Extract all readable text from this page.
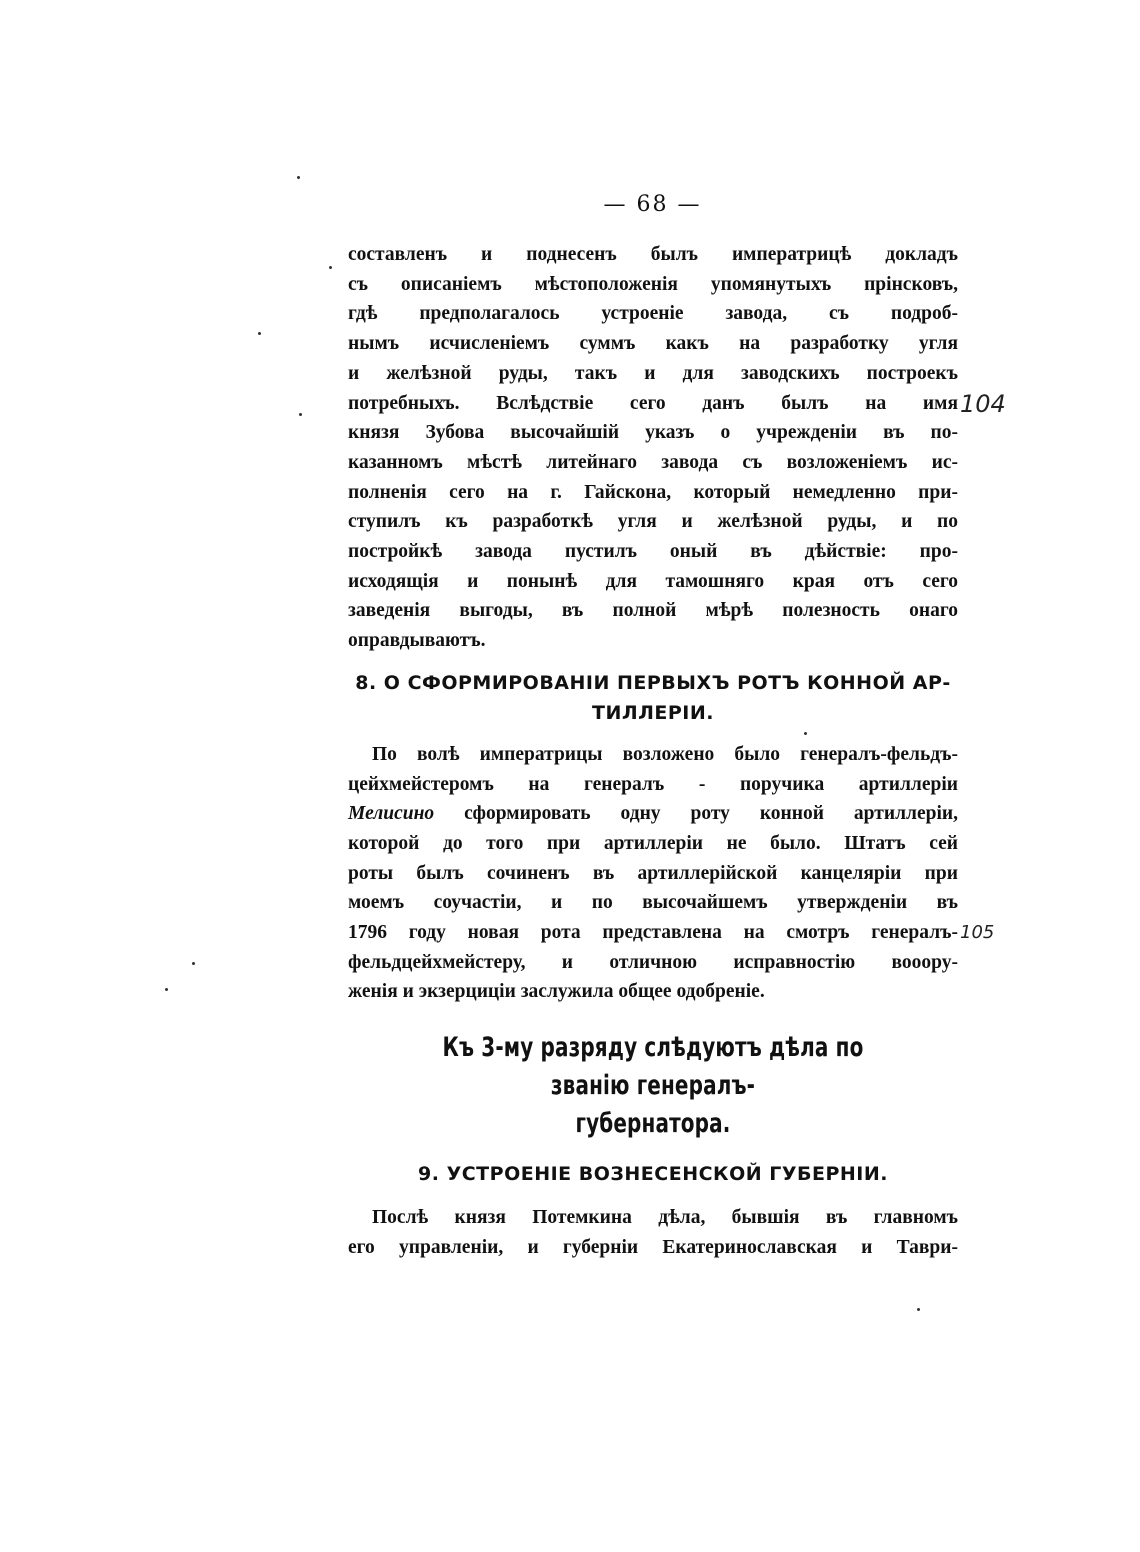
— 68 —

составленъ и поднесенъ былъ императрицѣ докладъ
съ описаніемъ мѣстоположенія упомянутыхъ прінсковъ,
гдѣ предполагалось устроеніе завода, съ подроб-
нымъ исчисленіемъ суммъ какъ на разработку угля
и желѣзной руды, такъ и для заводскихъ построекъ
потребныхъ. Вслѣдствіе сего данъ былъ на имя
князя Зубова высочайшій указъ о учрежденіи въ по-
казанномъ мѣстѣ литейнаго завода съ возложеніемъ ис-
полненія сего на г. Гайскона, который немедленно при-
ступилъ къ разработкѣ угля и желѣзной руды, и по
постройкѣ завода пустилъ оный въ дѣйствіе: про-
исходящія и понынѣ для тамошняго края отъ сего
заведенія выгоды, въ полной мѣрѣ полезность онаго
оправдываютъ.

8. О СФОРМИРОВАНІИ ПЕРВЫХЪ РОТЪ КОННОЙ АР-
ТИЛЛЕРІИ.

По волѣ императрицы возложено было генералъ-фельдъ-
цейхмейстеромъ на генералъ - поручика артиллеріи
Мелисино сформировать одну роту конной артиллеріи,
которой до того при артиллеріи не было. Штатъ сей
роты былъ сочиненъ въ артиллерійской канцеляріи при
моемъ соучастіи, и по высочайшемъ утвержденіи въ
1796 году новая рота представлена на смотръ генералъ-
фельдцейхмейстеру, и отличною исправностію вооору-
женія и экзерциціи заслужила общее одобреніе.

Къ 3-му разряду слѣдуютъ дѣла по званію генералъ-
губернатора.
9. УСТРОЕНІЕ ВОЗНЕСЕНСКОЙ ГУБЕРНІИ.

Послѣ князя Потемкина дѣла, бывшія въ главномъ
его управленіи, и губерніи Екатеринославская и Таври-

104
105
